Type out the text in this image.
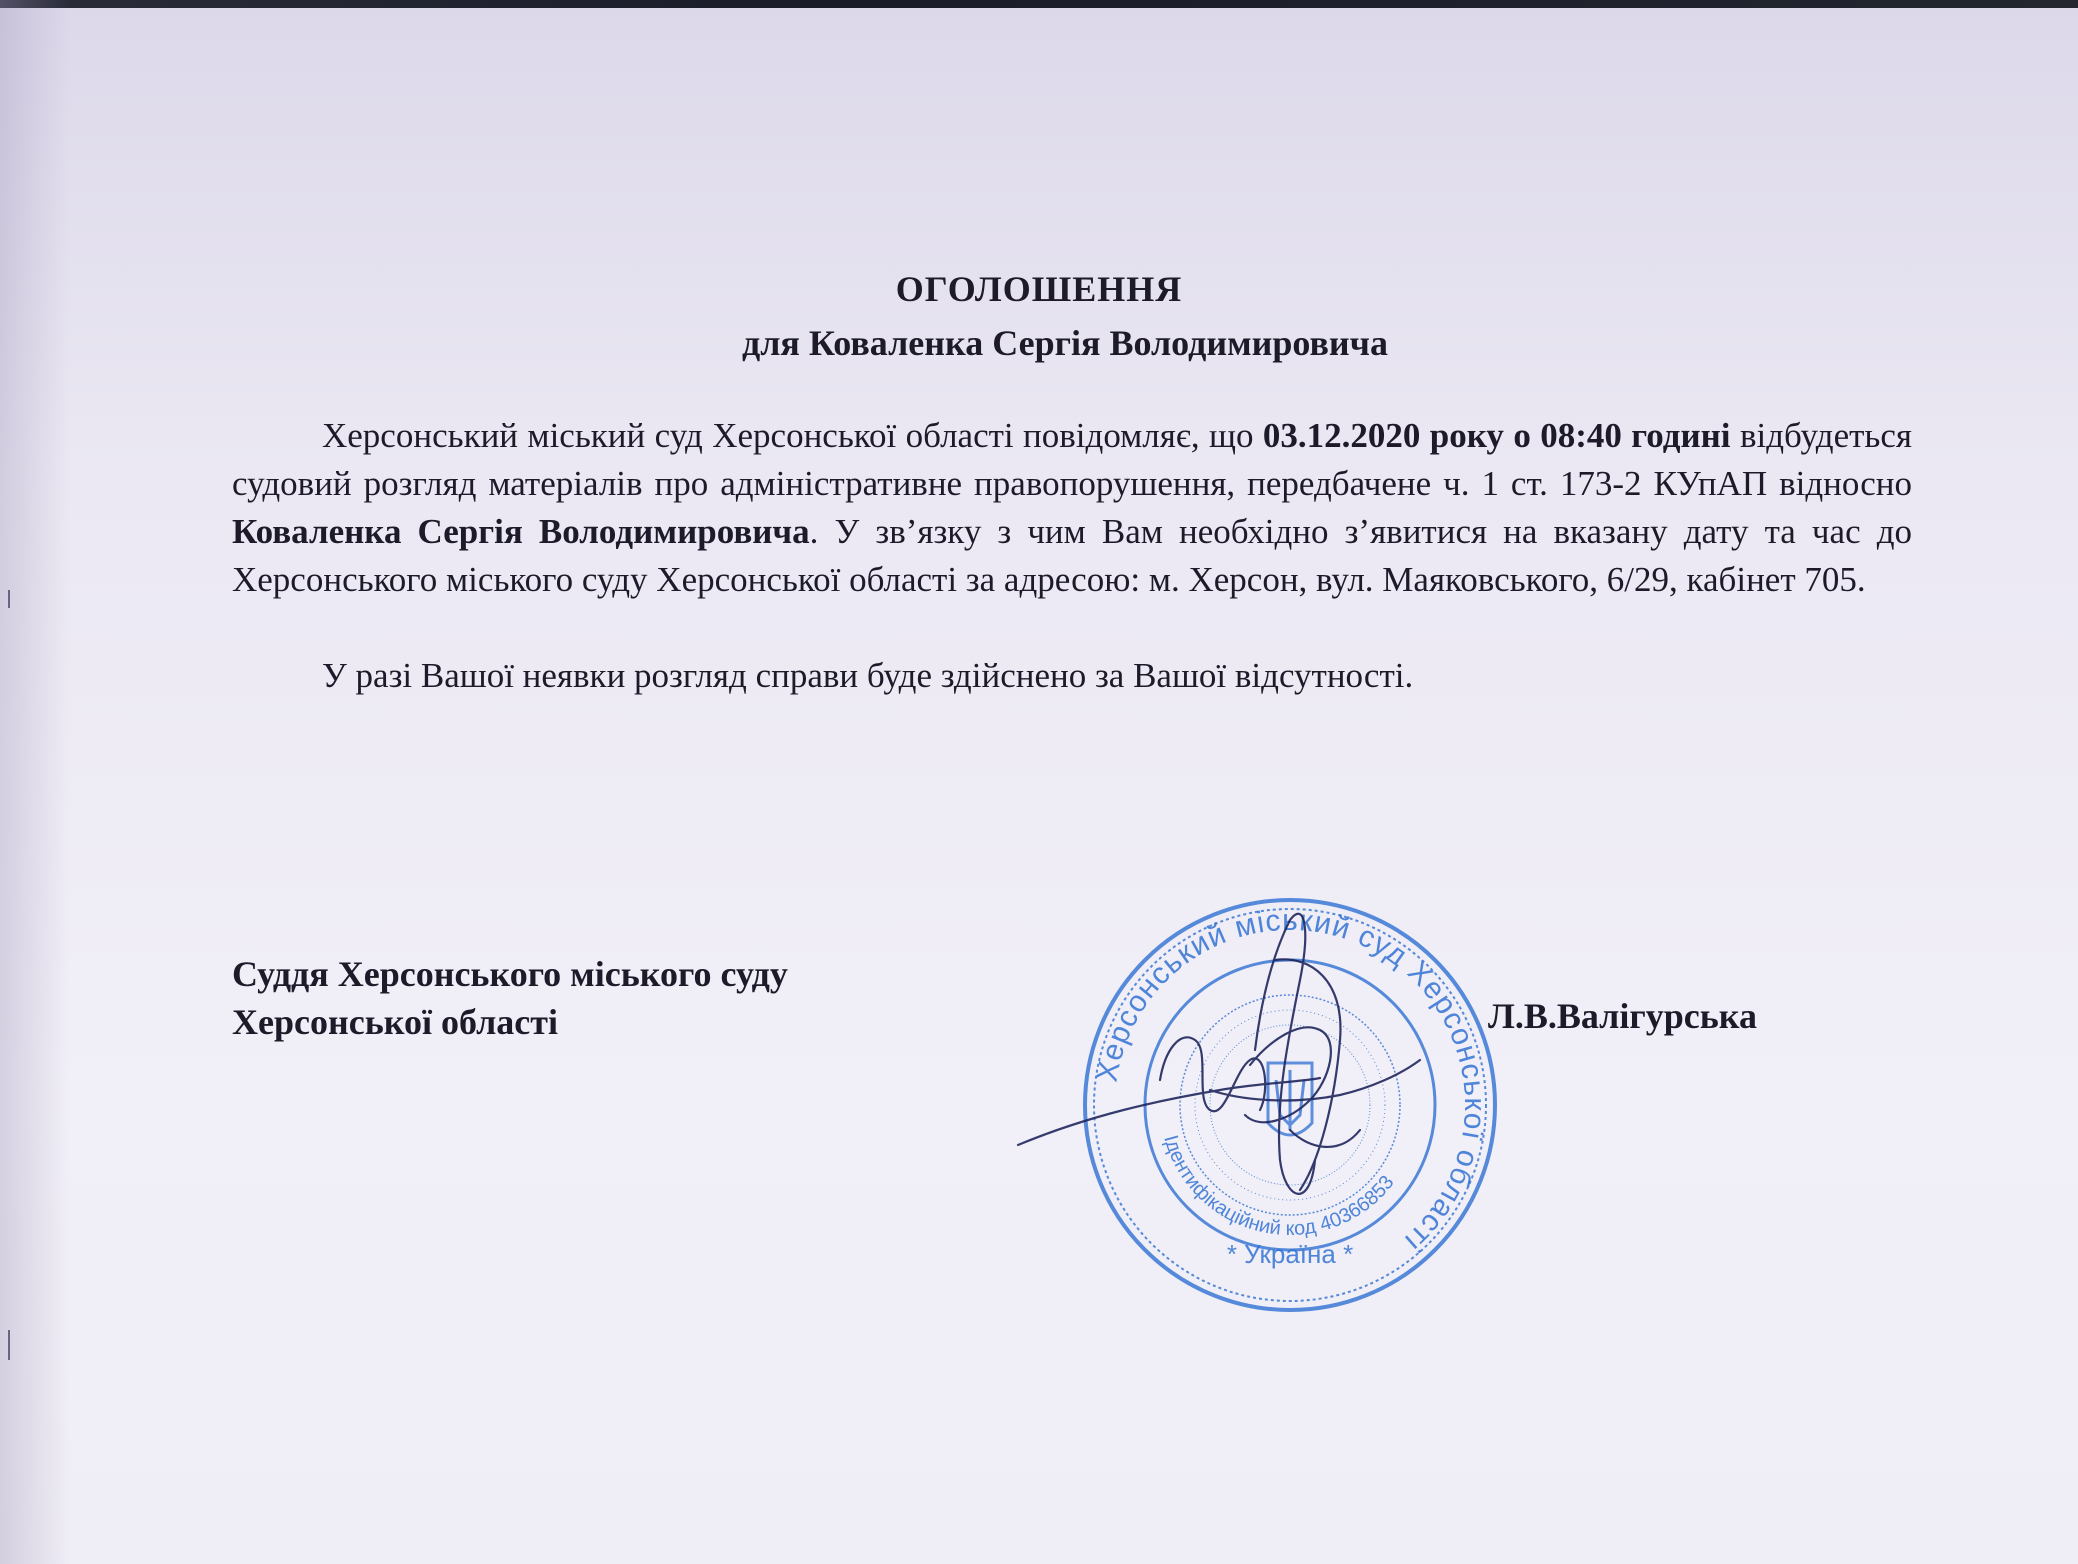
ОГОЛОШЕННЯ

для Коваленка Сергія Володимировича

Херсонський міський суд Херсонської області повідомляє, що 03.12.2020 року о 08:40 годині відбудеться судовий розгляд матеріалів про адміністративне правопорушення, передбачене ч. 1 ст. 173-2 КУпАП відносно Коваленка Сергія Володимировича. У зв’язку з чим Вам необхідно з’явитися на вказану дату та час до Херсонського міського суду Херсонської області за адресою: м. Херсон, вул. Маяковського, 6/29, кабінет 705.

У разі Вашої неявки розгляд справи буде здійснено за Вашої відсутності.

Суддя Херсонського міського суду
Херсонської області	Л.В.Валігурська

Херсонський міський суд Херсонської області
Ідентифікаційний код 40366853
* Україна *
